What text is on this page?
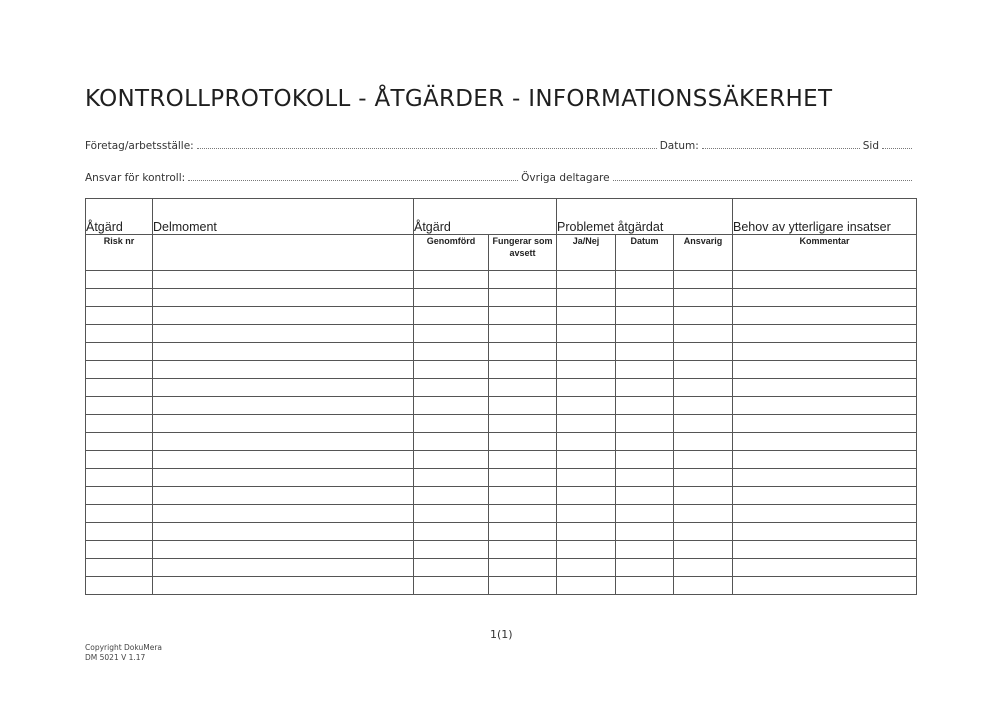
KONTROLLPROTOKOLL - ÅTGÄRDER - INFORMATIONSSÄKERHET
Företag/arbetsställe:	Datum:	Sid
Ansvar för kontroll:	Övriga deltagare
Åtgärd	Delmoment	Åtgärd		Problemet åtgärdat			Behov av ytterligare insatser
Risk nr		Genomförd	Fungerar som avsett	Ja/Nej	Datum	Ansvarig	Kommentar

1(1)
Copyright DokuMera
DM 5021 V 1.17
